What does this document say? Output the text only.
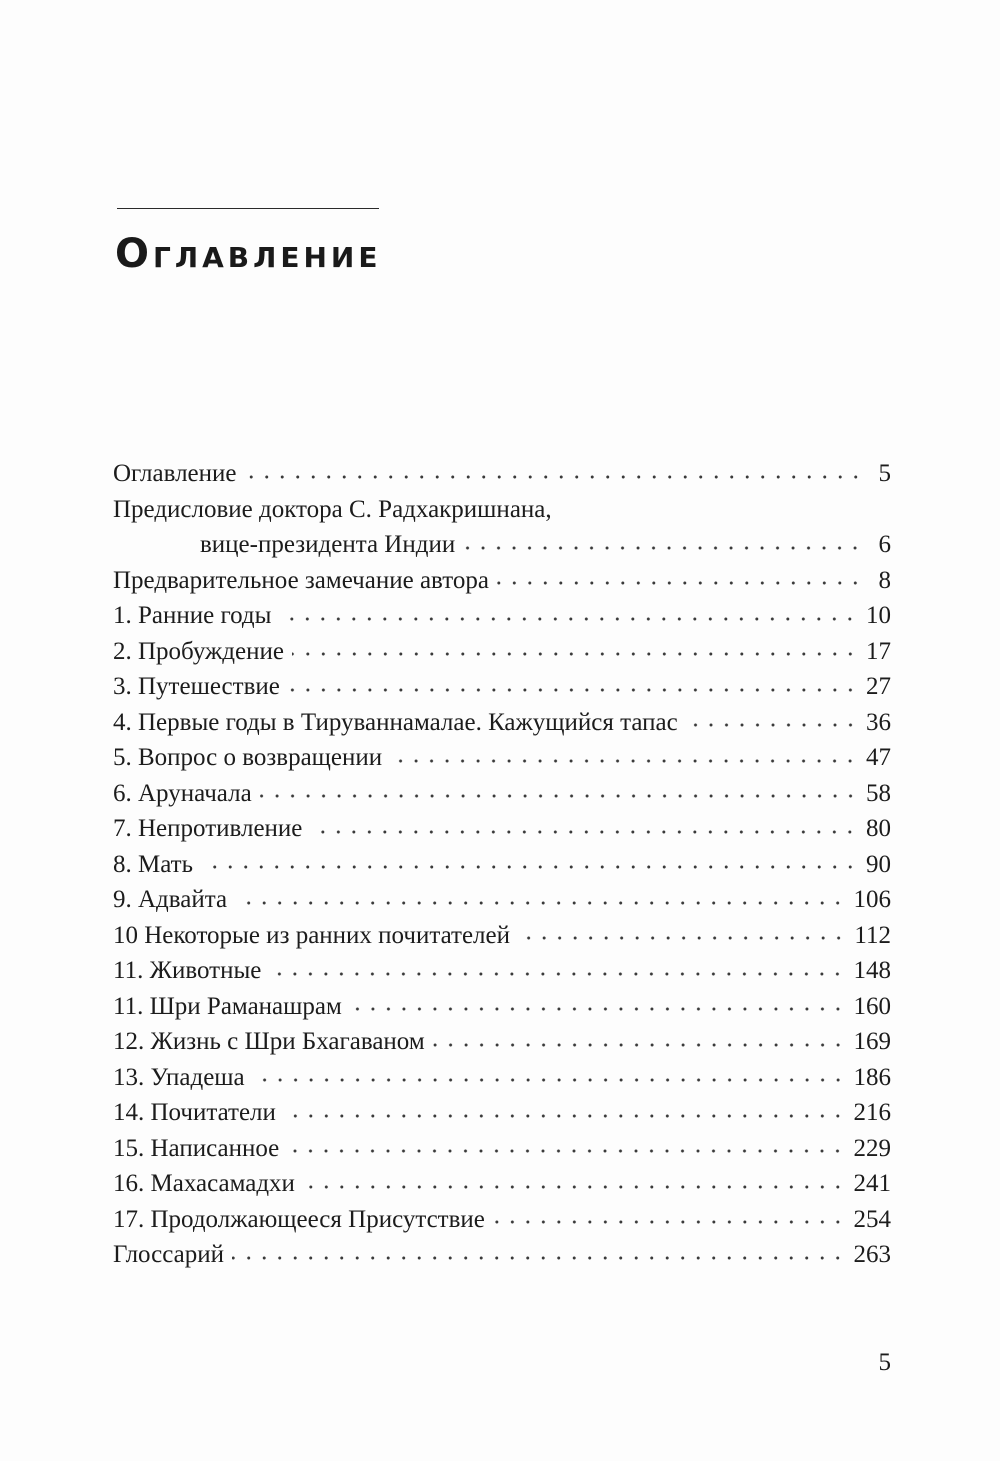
Оглавление
Оглавление	5
Предисловие доктора С. Радхакришнана,
вице-президента Индии	6
Предварительное замечание автора	8
1. Ранние годы	10
2. Пробуждение	17
3. Путешествие	27
4. Первые годы в Тируваннамалае. Кажущийся тапас	36
5. Вопрос о возвращении	47
6. Аруначала	58
7. Непротивление	80
8. Мать	90
9. Адвайта	106
10 Некоторые из ранних почитателей	112
11. Животные	148
11. Шри Раманашрам	160
12. Жизнь с Шри Бхагаваном	169
13. Упадеша	186
14. Почитатели	216
15. Написанное	229
16. Махасамадхи	241
17. Продолжающееся Присутствие	254
Глоссарий	263

5
